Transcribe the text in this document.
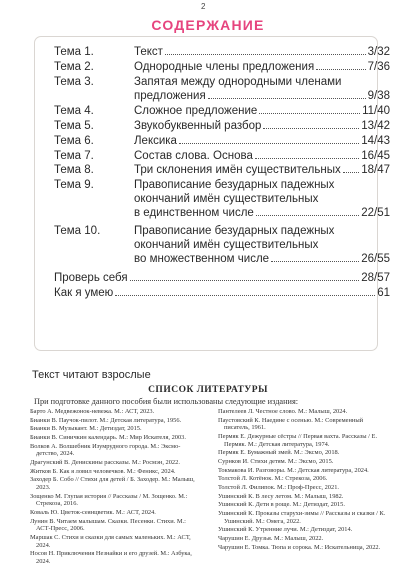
2
СОДЕРЖАНИЕ
Тема 1.	Текст	3/32
Тема 2.	Однородные члены предложения	7/36
Тема 3.	Запятая между однородными членами
предложения	9/38
Тема 4.	Сложное предложение	11/40
Тема 5.	Звукобуквенный разбор	13/42
Тема 6.	Лексика	14/43
Тема 7.	Состав слова. Основа	16/45
Тема 8.	Три склонения имён существительных 18/47
Тема 9.	Правописание безударных падежных
окончаний имён существительных
в единственном числе	22/51
Тема 10.	Правописание безударных падежных
окончаний имён существительных
во множественном числе	26/55
Проверь себя	28/57
Как я умею	61
Текст читают взрослые
СПИСОК ЛИТЕРАТУРЫ
При подготовке данного пособия были использованы следующие издания:
Барто А. Медвежонок-невежа. М.: АСТ, 2023.
Бианки В. Паучок-пилот. М.: Детская литература, 1956.
Бианки В. Музыкант. М.: Детиздат, 2015.
Бианки В. Синичкин календарь. М.: Мир Искателя, 2003.
Волков А. Волшебник Изумрудного города. М.: Эксмо-детство, 2024.
Драгунский В. Денискины рассказы. М.: Росмэн, 2022.
Житков Б. Как я ловил человечков. М.: Феникс, 2024.
Заходер Б. Собо // Стихи для детей / Б. Заходер. М.: Малыш, 2023.
Зощенко М. Глупая история // Рассказы / М. Зощенко. М.: Стрекоза, 2016.
Коваль Ю. Цветок-сеянцветик. М.: АСТ, 2024.
Лунин В. Читаем малышам. Сказки. Песенки. Стихи. М.: АСТ-Пресс, 2006.
Маршак С. Стихи и сказки для самых маленьких. М.: АСТ, 2024.
Носов Н. Приключения Незнайки и его друзей. М.: Азбука, 2024.
Пантелеев Л. Честное слово. М.: Малыш, 2024.
Паустовский К. Наедине с осенью. М.: Современный писатель, 1961.
Пермяк Е. Дежурные сёстры // Первая вахта. Рассказы / Е. Пермяк. М.: Детская литература, 1974.
Пермяк Е. Бумажный змей. М.: Эксмо, 2018.
Сурнков И. Стихи детям. М.: Эксмо, 2015.
Токмакова И. Разговоры. М.: Детская литература, 2024.
Толстой Л. Котёнок. М.: Стрекоза, 2006.
Толстой Л. Филипок. М.: Проф-Пресс, 2021.
Ушинский К. В лесу летом. М.: Малыш, 1982.
Ушинский К. Дети в роще. М.: Детиздат, 2015.
Ушинский К. Проказы старухи-зимы // Рассказы и сказки / К. Ушинский. М.: Омега, 2022.
Ушинский К. Утренние лучи. М.: Детиздат, 2014.
Чарушин Е. Друзья. М.: Малыш, 2022.
Чарушин Е. Томка. Тюпа и сорока. М.: Искательница, 2022.
